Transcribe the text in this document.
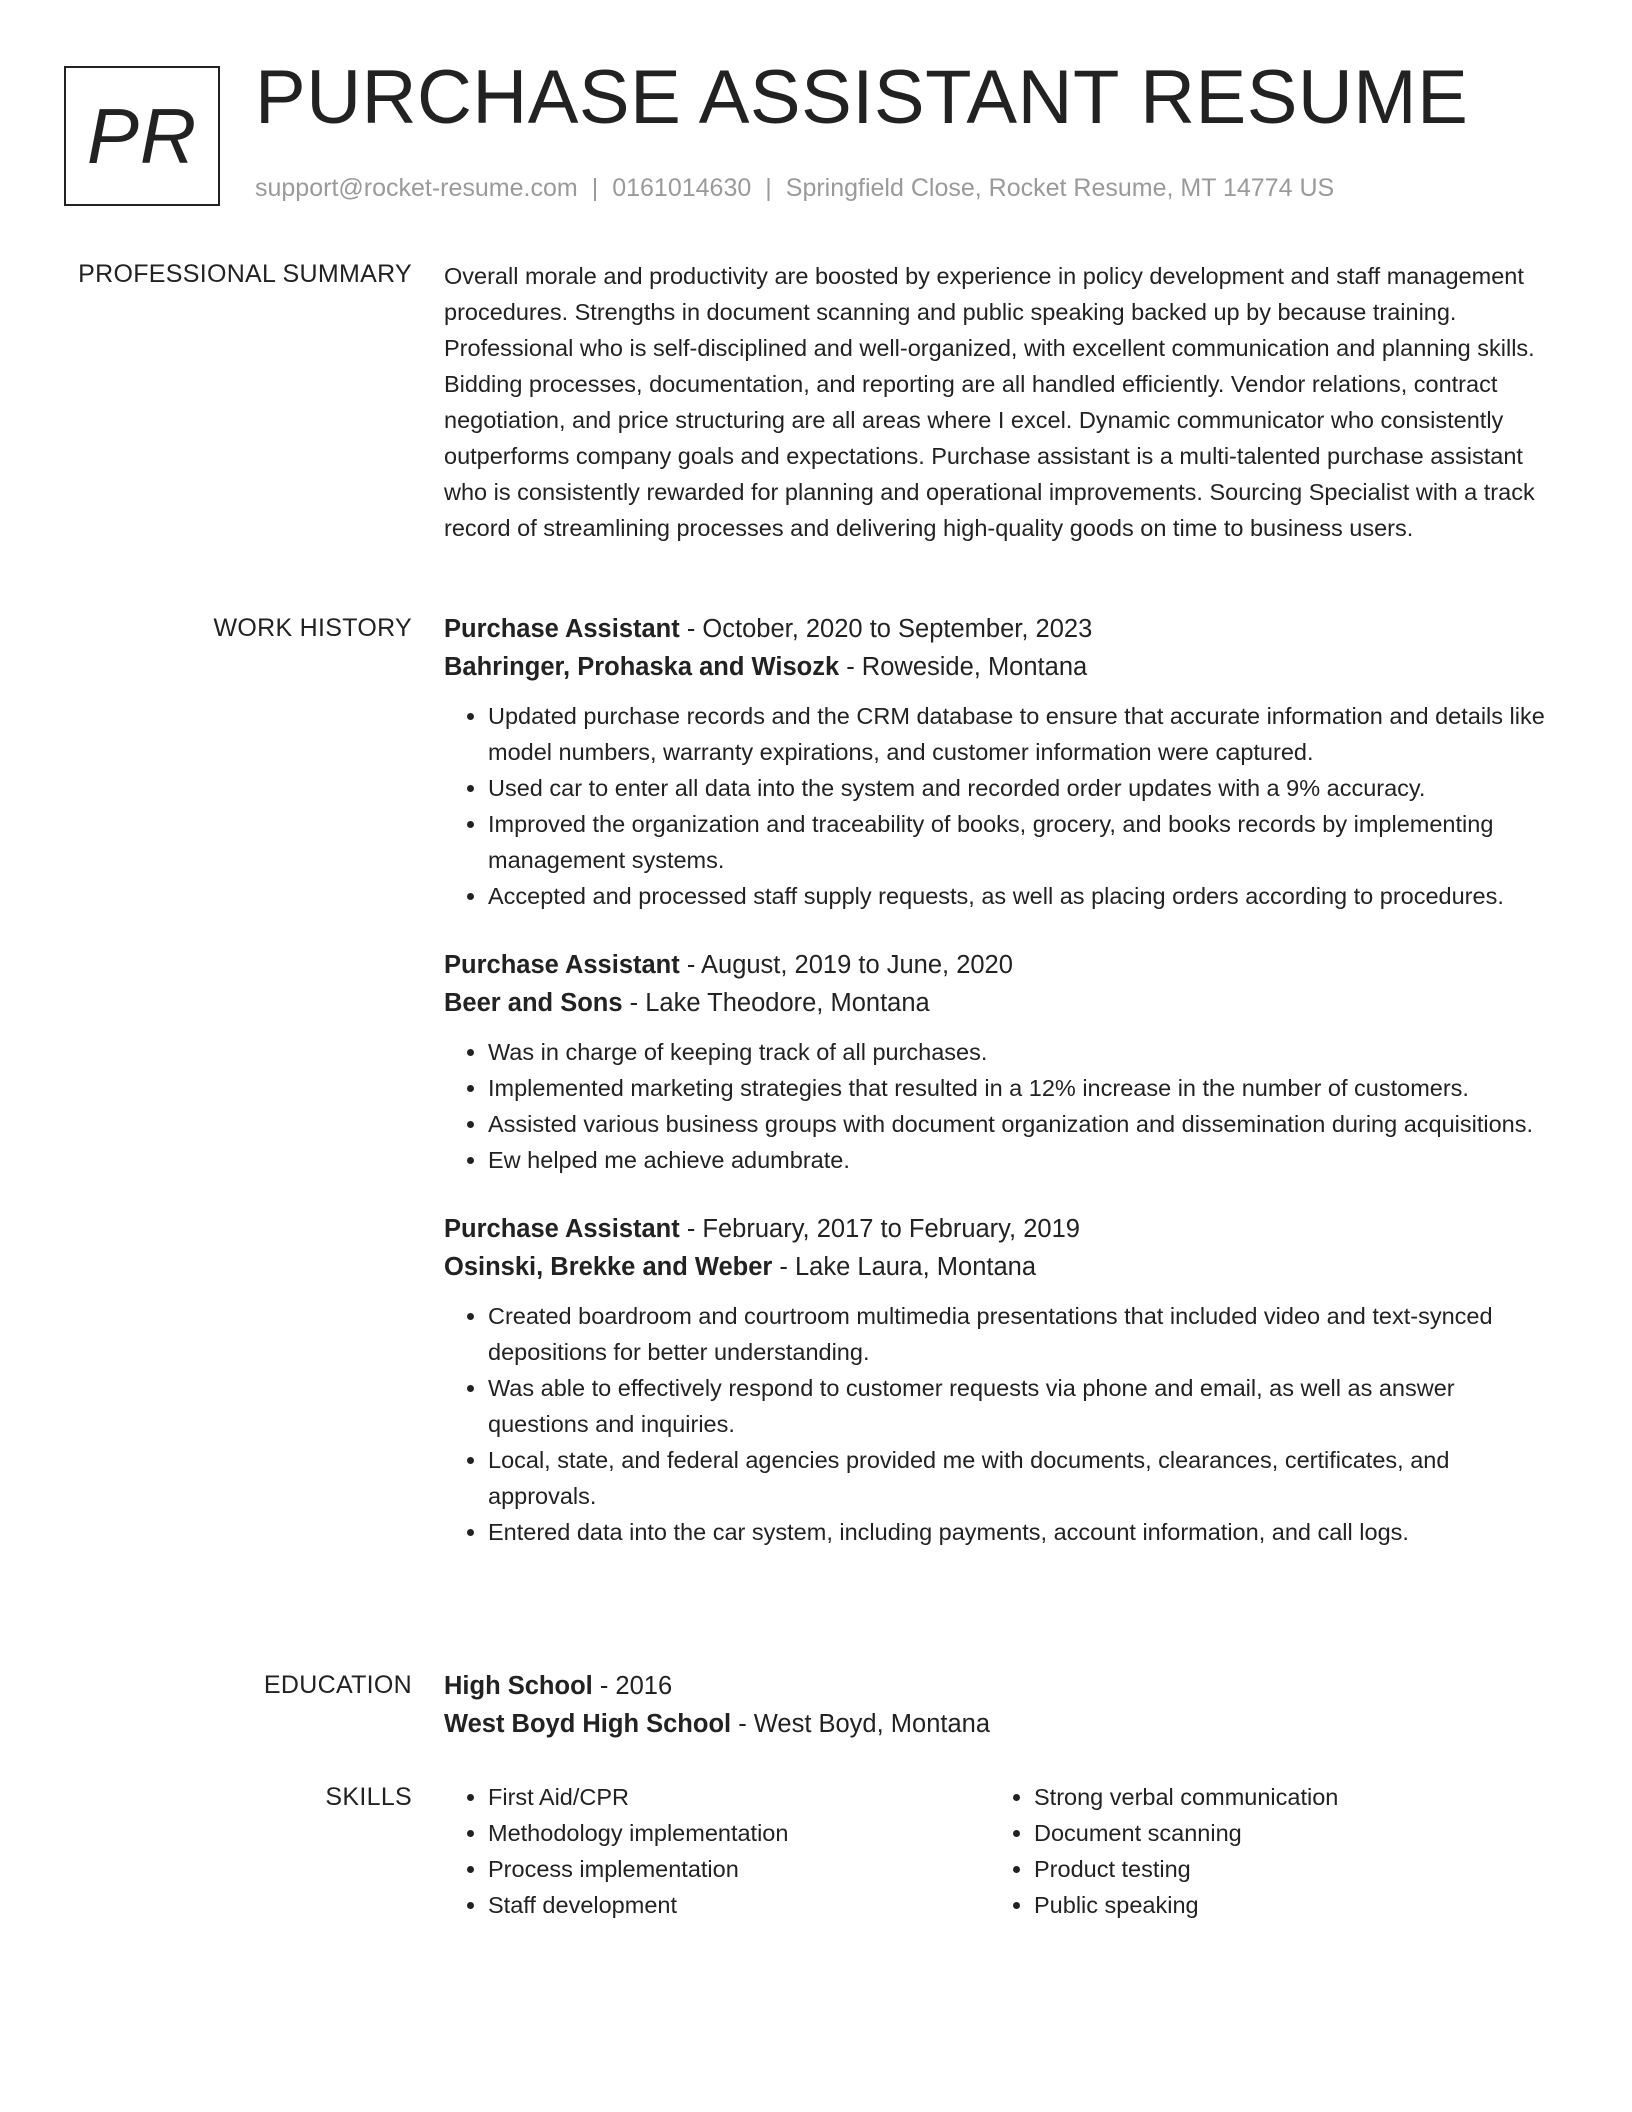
PR PURCHASE ASSISTANT RESUME
support@rocket-resume.com | 0161014630 | Springfield Close, Rocket Resume, MT 14774 US
PROFESSIONAL SUMMARY Overall morale and productivity are boosted by experience in policy development and staff management procedures. Strengths in document scanning and public speaking backed up by because training. Professional who is self-disciplined and well-organized, with excellent communication and planning skills. Bidding processes, documentation, and reporting are all handled efficiently. Vendor relations, contract negotiation, and price structuring are all areas where I excel. Dynamic communicator who consistently outperforms company goals and expectations. Purchase assistant is a multi-talented purchase assistant who is consistently rewarded for planning and operational improvements. Sourcing Specialist with a track record of streamlining processes and delivering high-quality goods on time to business users.

WORK HISTORY Purchase Assistant - October, 2020 to September, 2023
Bahringer, Prohaska and Wisozk - Roweside, Montana
• Updated purchase records and the CRM database to ensure that accurate information and details like model numbers, warranty expirations, and customer information were captured.
• Used car to enter all data into the system and recorded order updates with a 9% accuracy.
• Improved the organization and traceability of books, grocery, and books records by implementing management systems.
• Accepted and processed staff supply requests, as well as placing orders according to procedures.
Purchase Assistant - August, 2019 to June, 2020
Beer and Sons - Lake Theodore, Montana
• Was in charge of keeping track of all purchases.
• Implemented marketing strategies that resulted in a 12% increase in the number of customers.
• Assisted various business groups with document organization and dissemination during acquisitions.
• Ew helped me achieve adumbrate.
Purchase Assistant - February, 2017 to February, 2019
Osinski, Brekke and Weber - Lake Laura, Montana
• Created boardroom and courtroom multimedia presentations that included video and text-synced depositions for better understanding.
• Was able to effectively respond to customer requests via phone and email, as well as answer questions and inquiries.
• Local, state, and federal agencies provided me with documents, clearances, certificates, and approvals.
• Entered data into the car system, including payments, account information, and call logs.
EDUCATION High School - 2016
West Boyd High School - West Boyd, Montana
SKILLS
•	First Aid/CPR
• Methodology implementation
• Process implementation
• Staff development
• Strong verbal communication
• Document scanning
• Product testing
• Public speaking
